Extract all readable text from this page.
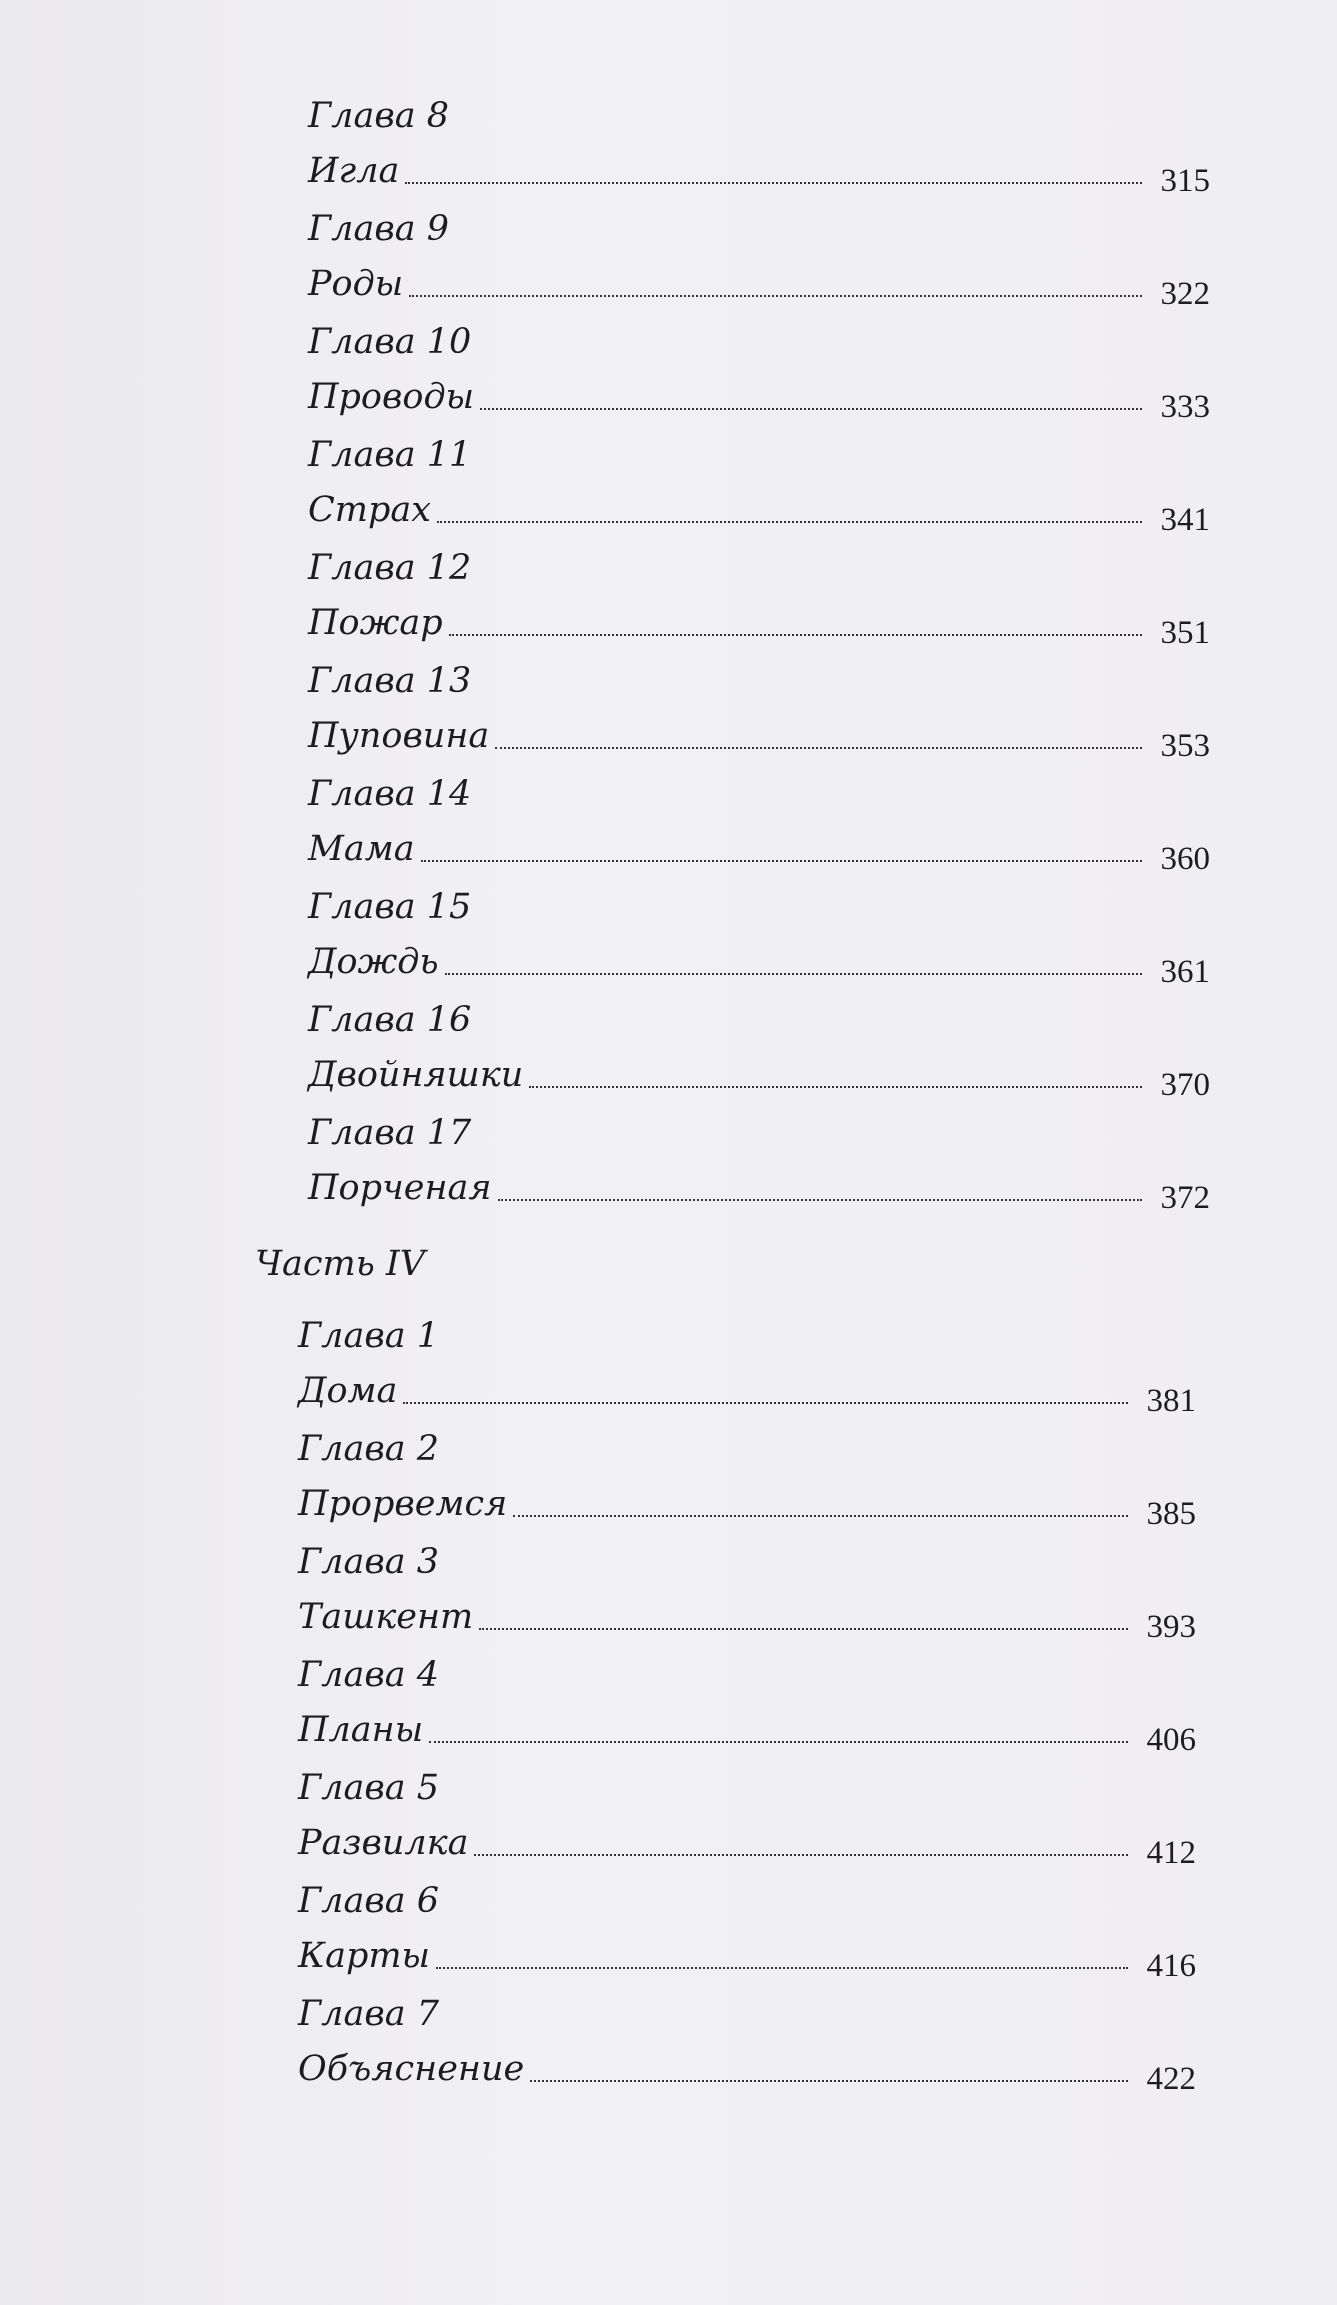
Глава 8
Игла	315
Глава 9
Роды	322
Глава 10
Проводы	333
Глава 11
Страх	341
Глава 12
Пожар	351
Глава 13
Пуповина	353
Глава 14
Мама	360
Глава 15
Дождь	361
Глава 16
Двойняшки	370
Глава 17
Порченая	372
Часть IV
Глава 1
Дома	381
Глава 2
Прорвемся	385
Глава 3
Ташкент	393
Глава 4
Планы	406
Глава 5
Развилка	412
Глава 6
Карты	416
Глава 7
Объяснение	422
